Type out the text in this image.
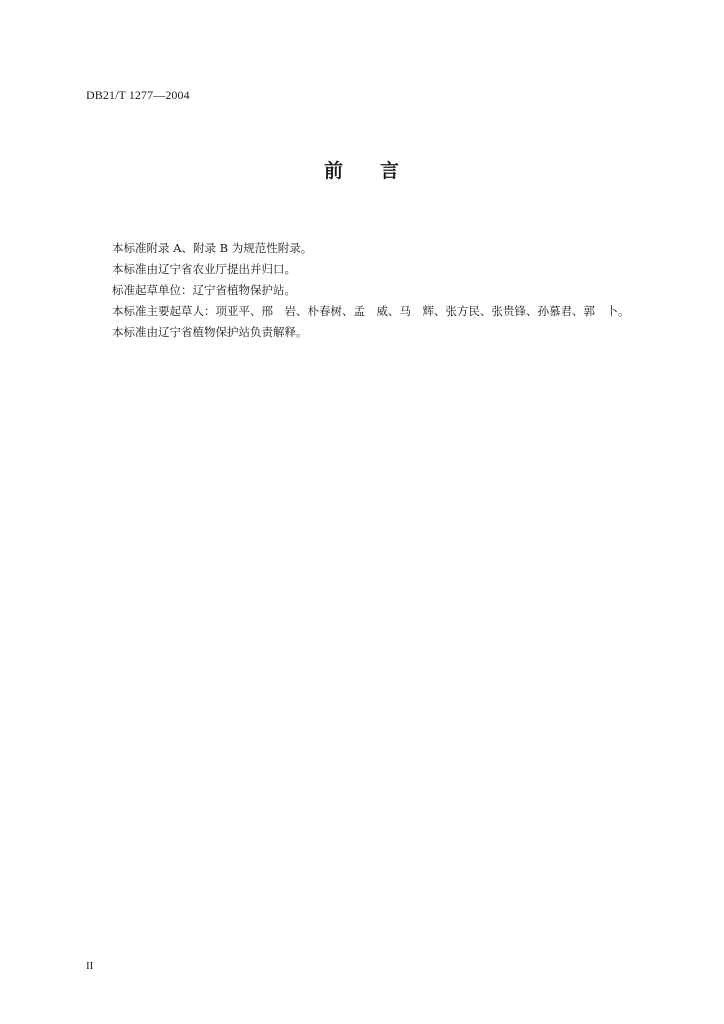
DB21/T 1277—2004
前 言
本标准附录 A、附录 B 为规范性附录。
本标准由辽宁省农业厅提出并归口。
标准起草单位：辽宁省植物保护站。
本标准主要起草人：项亚平、邢　岩、朴春树、孟　威、马　辉、张方民、张贵锋、孙慕君、郭　卜。
本标准由辽宁省植物保护站负责解释。
II
